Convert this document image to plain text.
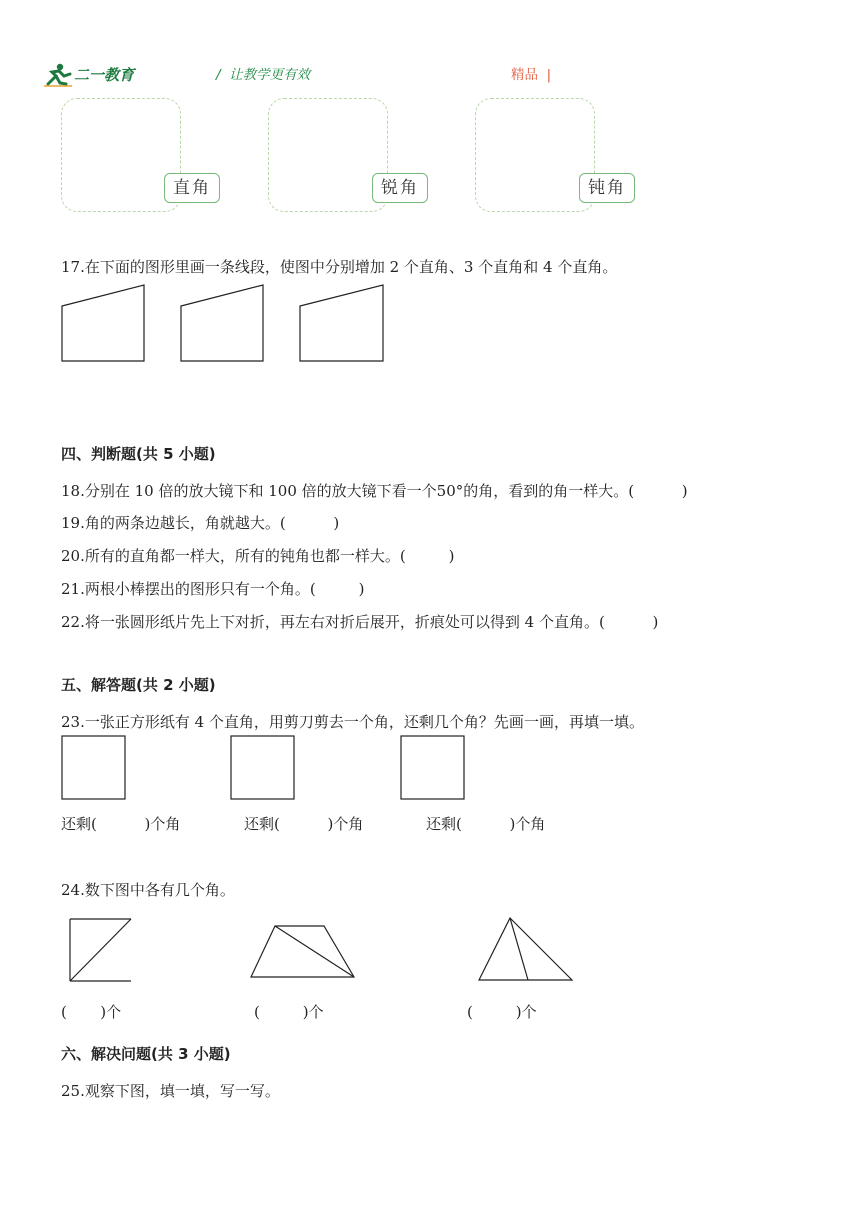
二一教育	/  让教学更有效	精品  |
直角	锐角	钝角
17.在下面的图形里画一条线段，使图中分别增加 2 个直角、3 个直角和 4 个直角。
四、判断题(共 5 小题)
18.分别在 10 倍的放大镜下和 100 倍的放大镜下看一个50°的角，看到的角一样大。(          )
19.角的两条边越长，角就越大。(          )
20.所有的直角都一样大，所有的钝角也都一样大。(         )
21.两根小棒摆出的图形只有一个角。(         )
22.将一张圆形纸片先上下对折，再左右对折后展开，折痕处可以得到 4 个直角。(          )
五、解答题(共 2 小题)
23.一张正方形纸有 4 个直角，用剪刀剪去一个角，还剩几个角？先画一画，再填一填。
还剩(          )个角	还剩(          )个角	还剩(          )个角
24.数下图中各有几个角。
(       )个	(         )个	(         )个
六、解决问题(共 3 小题)
25.观察下图，填一填，写一写。
